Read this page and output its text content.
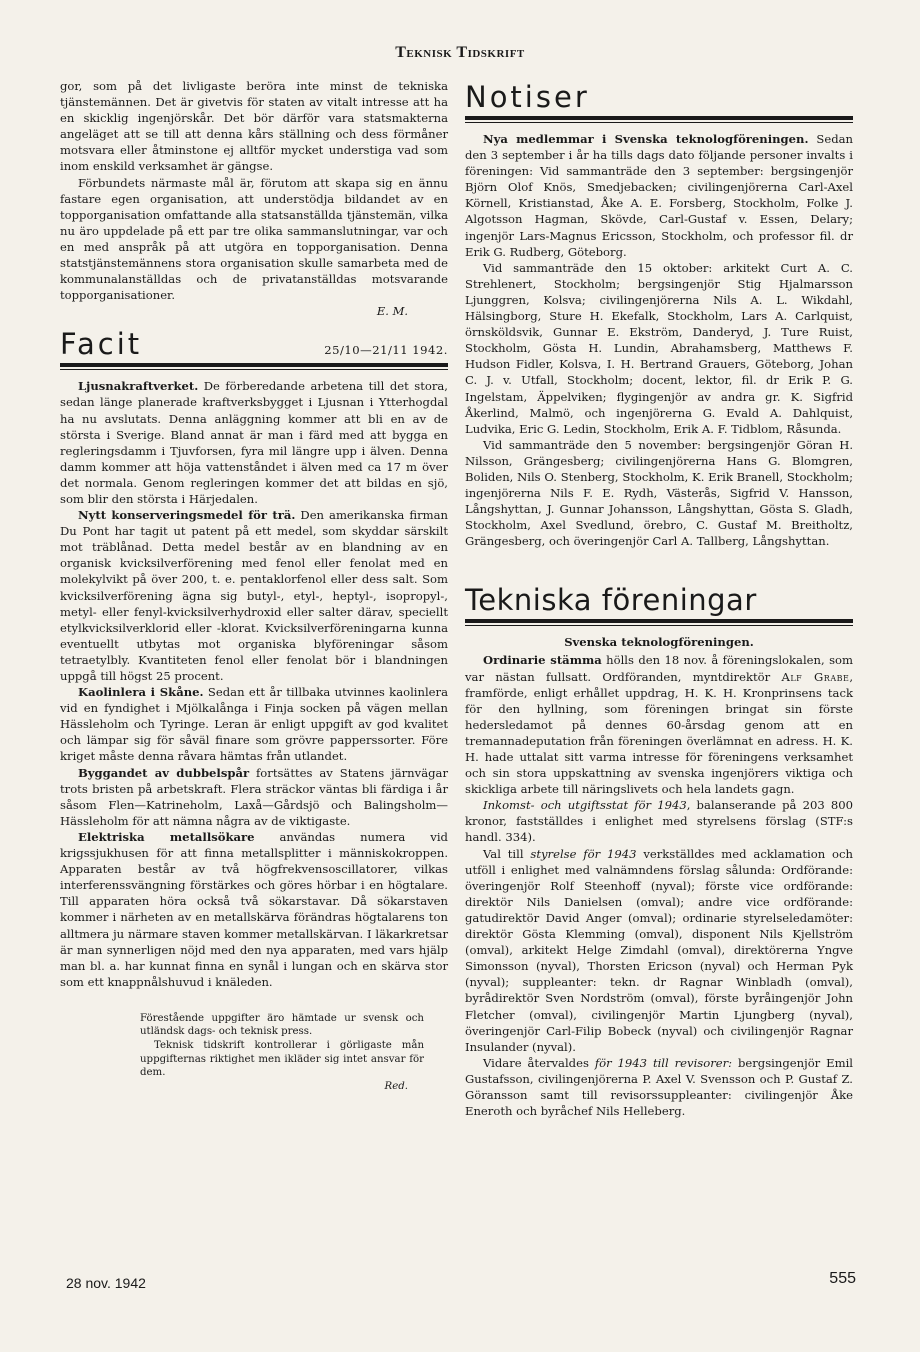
Teknisk Tidskrift

gor, som på det livligaste beröra inte minst de tekniska tjänstemännen. Det är givetvis för staten av vitalt intresse att ha en skicklig ingenjörskår. Det bör därför vara statsmakterna angeläget att se till att denna kårs ställning och dess förmåner motsvara eller åtminstone ej alltför mycket understiga vad som inom enskild verksamhet är gängse.

Förbundets närmaste mål är, förutom att skapa sig en ännu fastare egen organisation, att understödja bildandet av en topporganisation omfattande alla statsanställda tjänstemän, vilka nu äro uppdelade på ett par tre olika sammanslutningar, var och en med anspråk på att utgöra en topporganisation. Denna statstjänstemännens stora organisation skulle samarbeta med de kommunalanställdas och de privatanställdas motsvarande topporganisationer.

E. M.
Facit	25/10—21/11 1942.

Ljusnakraftverket. De förberedande arbetena till det stora, sedan länge planerade kraftverksbygget i Ljusnan i Ytterhogdal ha nu avslutats. Denna anläggning kommer att bli en av de största i Sverige. Bland annat är man i färd med att bygga en regleringsdamm i Tjuvforsen, fyra mil längre upp i älven. Denna damm kommer att höja vattenståndet i älven med ca 17 m över det normala. Genom regleringen kommer det att bildas en sjö, som blir den största i Härjedalen.

Nytt konserveringsmedel för trä. Den amerikanska firman Du Pont har tagit ut patent på ett medel, som skyddar särskilt mot träblånad. Detta medel består av en blandning av en organisk kvicksilverförening med fenol eller fenolat med en molekylvikt på över 200, t. e. pentaklorfenol eller dess salt. Som kvicksilverförening ägna sig butyl-, etyl-, heptyl-, isopropyl-, metyl- eller fenyl-kvicksilverhydroxid eller salter därav, speciellt etylkvicksilverklorid eller -klorat. Kvicksilverföreningarna kunna eventuellt utbytas mot organiska blyföreningar såsom tetraetylbly. Kvantiteten fenol eller fenolat bör i blandningen uppgå till högst 25 procent.

Kaolinlera i Skåne. Sedan ett år tillbaka utvinnes kaolinlera vid en fyndighet i Mjölkalånga i Finja socken på vägen mellan Hässleholm och Tyringe. Leran är enligt uppgift av god kvalitet och lämpar sig för såväl finare som grövre papperssorter. Före kriget måste denna råvara hämtas från utlandet.

Byggandet av dubbelspår fortsättes av Statens järnvägar trots bristen på arbetskraft. Flera sträckor väntas bli färdiga i år såsom Flen—Katrineholm, Laxå—Gårdsjö och Balingsholm—Hässleholm för att nämna några av de viktigaste.

Elektriska metallsökare användas numera vid krigssjukhusen för att finna metallsplitter i människokroppen. Apparaten består av två högfrekvensoscillatorer, vilkas interferenssvängning förstärkes och göres hörbar i en högtalare. Till apparaten höra också två sökarstavar. Då sökarstaven kommer i närheten av en metallskärva förändras högtalarens ton alltmera ju närmare staven kommer metallskärvan. I läkarkretsar är man synnerligen nöjd med den nya apparaten, med vars hjälp man bl. a. har kunnat finna en synål i lungan och en skärva stor som ett knappnålshuvud i knäleden.

Förestående uppgifter äro hämtade ur svensk och utländsk dags- och teknisk press.

Teknisk tidskrift kontrollerar i görligaste mån uppgifternas riktighet men ikläder sig intet ansvar för dem.

Red.
Notiser

Nya medlemmar i Svenska teknologföreningen. Sedan den 3 september i år ha tills dags dato följande personer invalts i föreningen: Vid sammanträde den 3 september: bergsingenjör Björn Olof Knös, Smedjebacken; civilingenjörerna Carl-Axel Körnell, Kristianstad, Åke A. E. Forsberg, Stockholm, Folke J. Algotsson Hagman, Skövde, Carl-Gustaf v. Essen, Delary; ingenjör Lars-Magnus Ericsson, Stockholm, och professor fil. dr Erik G. Rudberg, Göteborg.

Vid sammanträde den 15 oktober: arkitekt Curt A. C. Strehlenert, Stockholm; bergsingenjör Stig Hjalmarsson Ljunggren, Kolsva; civilingenjörerna Nils A. L. Wikdahl, Hälsingborg, Sture H. Ekefalk, Stockholm, Lars A. Carlquist, örnsköldsvik, Gunnar E. Ekström, Danderyd, J. Ture Ruist, Stockholm, Gösta H. Lundin, Abrahamsberg, Matthews F. Hudson Fidler, Kolsva, I. H. Bertrand Grauers, Göteborg, Johan C. J. v. Utfall, Stockholm; docent, lektor, fil. dr Erik P. G. Ingelstam, Äppelviken; flygingenjör av andra gr. K. Sigfrid Åkerlind, Malmö, och ingenjörerna G. Evald A. Dahlquist, Ludvika, Eric G. Ledin, Stockholm, Erik A. F. Tidblom, Råsunda.

Vid sammanträde den 5 november: bergsingenjör Göran H. Nilsson, Grängesberg; civilingenjörerna Hans G. Blomgren, Boliden, Nils O. Stenberg, Stockholm, K. Erik Branell, Stockholm; ingenjörerna Nils F. E. Rydh, Västerås, Sigfrid V. Hansson, Långshyttan, J. Gunnar Johansson, Långshyttan, Gösta S. Gladh, Stockholm, Axel Svedlund, örebro, C. Gustaf M. Breitholtz, Grängesberg, och överingenjör Carl A. Tallberg, Långshyttan.

Tekniska föreningar
Svenska teknologföreningen.

Ordinarie stämma hölls den 18 nov. å föreningslokalen, som var nästan fullsatt. Ordföranden, myntdirektör Alf Grabe, framförde, enligt erhållet uppdrag, H. K. H. Kronprinsens tack för den hyllning, som föreningen bringat sin förste hedersledamot på dennes 60-årsdag genom att en tremannadeputation från föreningen överlämnat en adress. H. K. H. hade uttalat sitt varma intresse för föreningens verksamhet och sin stora uppskattning av svenska ingenjörers viktiga och skickliga arbete till näringslivets och hela landets gagn.

Inkomst- och utgiftsstat för 1943, balanserande på 203 800 kronor, fastställdes i enlighet med styrelsens förslag (STF:s handl. 334).

Val till styrelse för 1943 verkställdes med acklamation och utföll i enlighet med valnämndens förslag sålunda: Ordförande: överingenjör Rolf Steenhoff (nyval); förste vice ordförande: direktör Nils Danielsen (omval); andre vice ordförande: gatudirektör David Anger (omval); ordinarie styrelseledamöter: direktör Gösta Klemming (omval), disponent Nils Kjellström (omval), arkitekt Helge Zimdahl (omval), direktörerna Yngve Simonsson (nyval), Thorsten Ericson (nyval) och Herman Pyk (nyval); suppleanter: tekn. dr Ragnar Winbladh (omval), byrådirektör Sven Nordström (omval), förste byråingenjör John Fletcher (omval), civilingenjör Martin Ljungberg (nyval), överingenjör Carl-Filip Bobeck (nyval) och civilingenjör Ragnar Insulander (nyval).

Vidare återvaldes för 1943 till revisorer: bergsingenjör Emil Gustafsson, civilingenjörerna P. Axel V. Svensson och P. Gustaf Z. Göransson samt till revisorssuppleanter: civilingenjör Åke Eneroth och byråchef Nils Helleberg.

28 nov. 1942	555
